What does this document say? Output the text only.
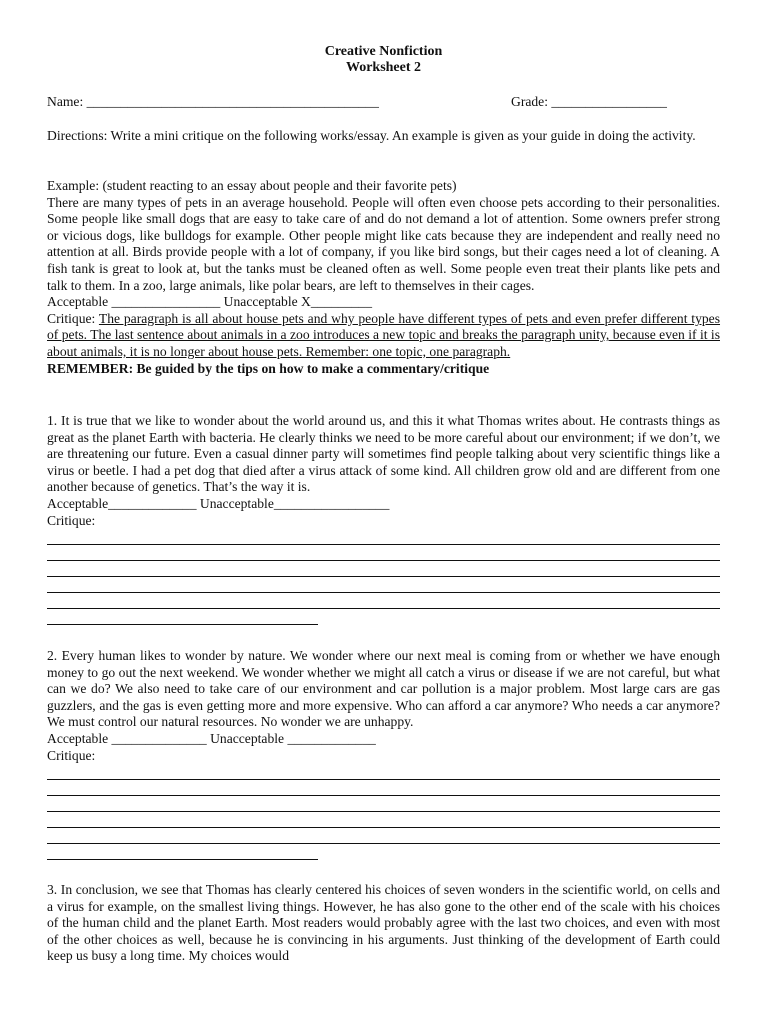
Creative Nonfiction
Worksheet 2
Name: ___________________________________________	Grade: _________________
Directions: Write a mini critique on the following works/essay. An example is given as your guide in doing the activity.
Example: (student reacting to an essay about people and their favorite pets)
There are many types of pets in an average household. People will often even choose pets according to their personalities. Some people like small dogs that are easy to take care of and do not demand a lot of attention. Some owners prefer strong or vicious dogs, like bulldogs for example. Other people might like cats because they are independent and really need no attention at all. Birds provide people with a lot of company, if you like bird songs, but their cages need a lot of cleaning. A fish tank is great to look at, but the tanks must be cleaned often as well. Some people even treat their plants like pets and talk to them. In a zoo, large animals, like polar bears, are left to themselves in their cages.
Acceptable ________________ Unacceptable X_________
Critique: The paragraph is all about house pets and why people have different types of pets and even prefer different types of pets. The last sentence about animals in a zoo introduces a new topic and breaks the paragraph unity, because even if it is about animals, it is no longer about house pets. Remember: one topic, one paragraph.
REMEMBER: Be guided by the tips on how to make a commentary/critique
1. It is true that we like to wonder about the world around us, and this it what Thomas writes about. He contrasts things as great as the planet Earth with bacteria. He clearly thinks we need to be more careful about our environment; if we don’t, we are threatening our future. Even a casual dinner party will sometimes find people talking about very scientific things like a virus or beetle. I had a pet dog that died after a virus attack of some kind. All children grow old and are different from one another because of genetics. That’s the way it is.
Acceptable_____________ Unacceptable_________________
Critique:
2. Every human likes to wonder by nature. We wonder where our next meal is coming from or whether we have enough money to go out the next weekend. We wonder whether we might all catch a virus or disease if we are not careful, but what can we do? We also need to take care of our environment and car pollution is a major problem. Most large cars are gas guzzlers, and the gas is even getting more and more expensive. Who can afford a car anymore? Who needs a car anymore? We must control our natural resources. No wonder we are unhappy.
Acceptable ______________ Unacceptable _____________
Critique:
3. In conclusion, we see that Thomas has clearly centered his choices of seven wonders in the scientific world, on cells and a virus for example, on the smallest living things. However, he has also gone to the other end of the scale with his choices of the human child and the planet Earth. Most readers would probably agree with the last two choices, and even with most of the other choices as well, because he is convincing in his arguments. Just thinking of the development of Earth could keep us busy a long time. My choices would
